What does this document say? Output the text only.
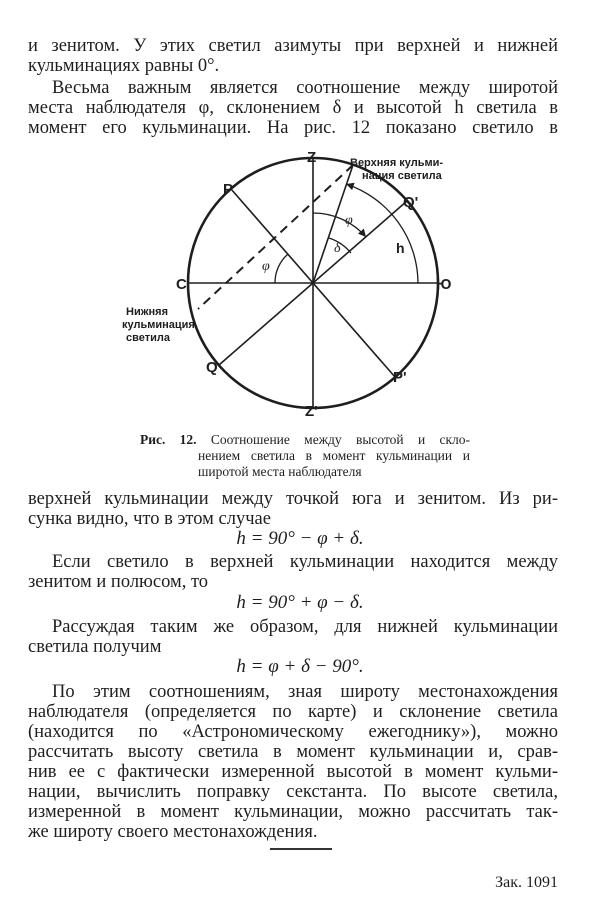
и зенитом. У этих светил азимуты при верхней и нижней
кульминациях равны 0°.
Весьма важным является соотношение между широтой
места наблюдателя φ, склонением δ и высотой h светила в
момент его кульминации. На рис. 12 показано светило в
Z
Z'
P
P'
Q'
Q
С	Ю
h
φ
φ
δ
Верхняя кульми-
нация светила
Нижняя
кульминация
светила
Рис. 12. Соотношение между высотой и скло-
нением светила в момент кульминации и
широтой места наблюдателя
верхней кульминации между точкой юга и зенитом. Из ри-
сунка видно, что в этом случае
h = 90° − φ + δ.
Если светило в верхней кульминации находится между
зенитом и полюсом, то
h = 90° + φ − δ.
Рассуждая таким же образом, для нижней кульминации
светила получим
h = φ + δ − 90°.
По этим соотношениям, зная широту местонахождения
наблюдателя (определяется по карте) и склонение светила
(находится по «Астрономическому ежегоднику»), можно
рассчитать высоту светила в момент кульминации и, срав-
нив ее с фактически измеренной высотой в момент кульми-
нации, вычислить поправку секстанта. По высоте светила,
измеренной в момент кульминации, можно рассчитать так-
же широту своего местонахождения.
Зак. 1091
